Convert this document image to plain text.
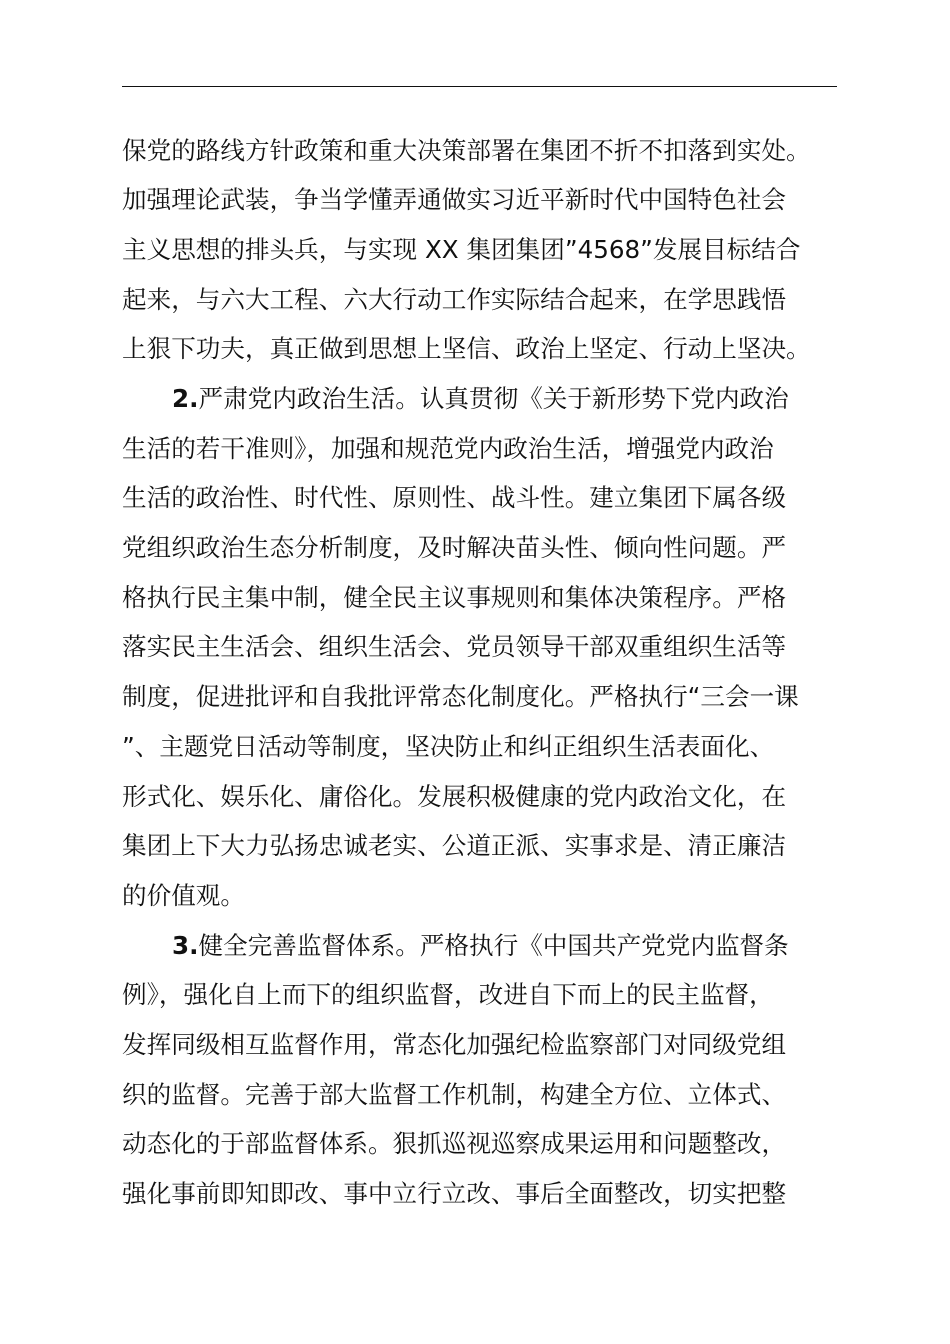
保党的路线方针政策和重大决策部署在集团不折不扣落到实处。
加强理论武装，争当学懂弄通做实习近平新时代中国特色社会
主义思想的排头兵，与实现 XX 集团集团”4568”发展目标结合
起来，与六大工程、六大行动工作实际结合起来，在学思践悟
上狠下功夫，真正做到思想上坚信、政治上坚定、行动上坚决。
2.严肃党内政治生活。认真贯彻《关于新形势下党内政治
生活的若干准则》，加强和规范党内政治生活，增强党内政治
生活的政治性、时代性、原则性、战斗性。建立集团下属各级
党组织政治生态分析制度，及时解决苗头性、倾向性问题。严
格执行民主集中制，健全民主议事规则和集体决策程序。严格
落实民主生活会、组织生活会、党员领导干部双重组织生活等
制度，促进批评和自我批评常态化制度化。严格执行“三会一课
”、主题党日活动等制度，坚决防止和纠正组织生活表面化、
形式化、娱乐化、庸俗化。发展积极健康的党内政治文化，在
集团上下大力弘扬忠诚老实、公道正派、实事求是、清正廉洁
的价值观。
3.健全完善监督体系。严格执行《中国共产党党内监督条
例》，强化自上而下的组织监督，改进自下而上的民主监督，
发挥同级相互监督作用，常态化加强纪检监察部门对同级党组
织的监督。完善于部大监督工作机制，构建全方位、立体式、
动态化的于部监督体系。狠抓巡视巡察成果运用和问题整改，
强化事前即知即改、事中立行立改、事后全面整改，切实把整
